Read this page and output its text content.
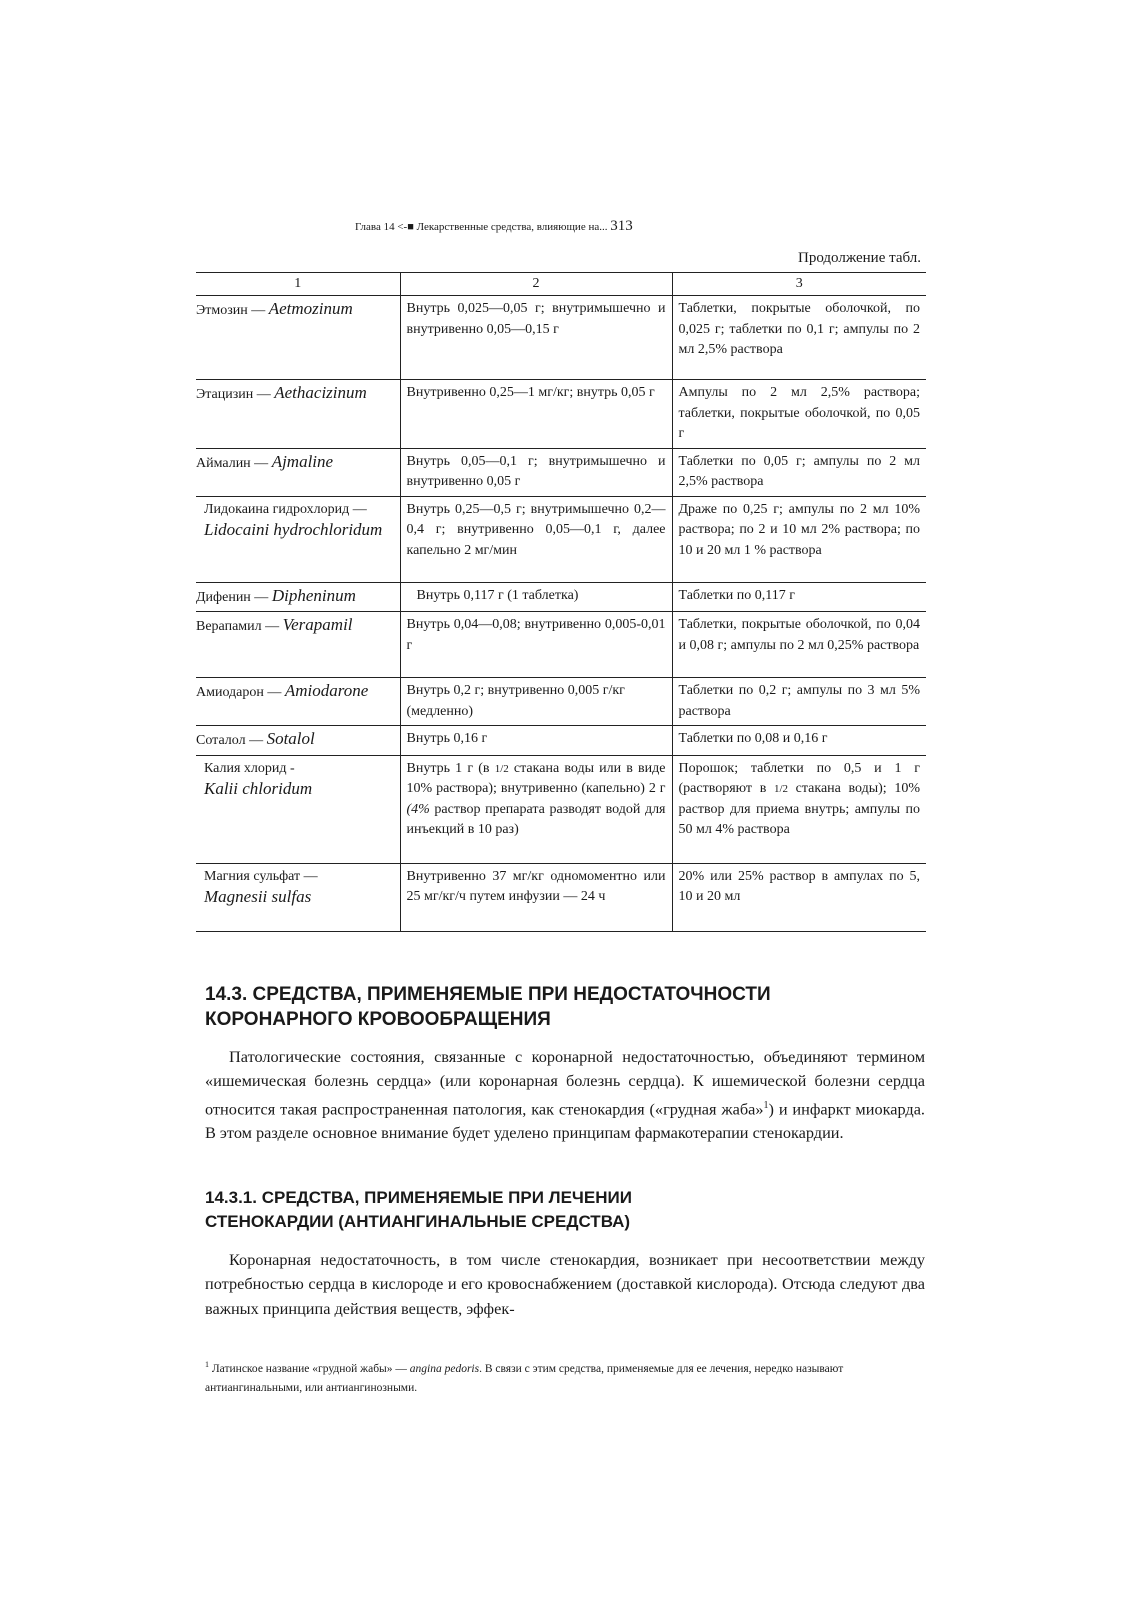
Глава 14 <-■ Лекарственные средства, влияющие на... 313
Продолжение табл.
1	2	3
Этмозин — Aetmozinum	Внутрь 0,025—0,05 г; внутримышечно и внутривенно 0,05—0,15 г	Таблетки, покрытые оболочкой, по 0,025 г; таблетки по 0,1 г; ампулы по 2 мл 2,5% раствора
Этацизин — Aethacizinum	Внутривенно 0,25—1 мг/кг; внутрь 0,05 г	Ампулы по 2 мл 2,5% раствора; таблетки, покрытые оболочкой, по 0,05 г
Аймалин — Ajmaline	Внутрь 0,05—0,1 г; внутримышечно и внутривенно 0,05 г	Таблетки по 0,05 г; ампулы по 2 мл 2,5% раствора
Лидокаина гидрохлорид —
Lidocaini hydrochloridum	Внутрь 0,25—0,5 г; внутримышечно 0,2—0,4 г; внутривенно 0,05—0,1 г, далее капельно 2 мг/мин	Драже по 0,25 г; ампулы по 2 мл 10% раствора; по 2 и 10 мл 2% раствора; по 10 и 20 мл 1 % раствора
Дифенин — Dipheninum	Внутрь 0,117 г (1 таблетка)	Таблетки по 0,117 г
Верапамил — Verapamil	Внутрь 0,04—0,08; внутривенно 0,005-0,01 г	Таблетки, покрытые оболочкой, по 0,04 и 0,08 г; ампулы по 2 мл 0,25% раствора
Амиодарон — Amiodarone	Внутрь 0,2 г; внутривенно 0,005 г/кг (медленно)	Таблетки по 0,2 г; ампулы по 3 мл 5% раствора
Соталол — Sotalol	Внутрь 0,16 г	Таблетки по 0,08 и 0,16 г
Калия хлорид -
Kalii chloridum	Внутрь 1 г (в 1/2 стакана воды или в виде 10% раствора); внутривенно (капельно) 2 г (4% раствор препарата разводят водой для инъекций в 10 раз)	Порошок; таблетки по 0,5 и 1 г (растворяют в 1/2 стакана воды); 10% раствор для приема внутрь; ампулы по 50 мл 4% раствора
Магния сульфат —
Magnesii sulfas	Внутривенно 37 мг/кг одномоментно или 25 мг/кг/ч путем инфузии — 24 ч	20% или 25% раствор в ампулах по 5, 10 и 20 мл
14.3. СРЕДСТВА, ПРИМЕНЯЕМЫЕ ПРИ НЕДОСТАТОЧНОСТИ
КОРОНАРНОГО КРОВООБРАЩЕНИЯ

Патологические состояния, связанные с коронарной недостаточностью, объединяют термином «ишемическая болезнь сердца» (или коронарная болезнь сердца). К ишемической болезни сердца относится такая распространенная патология, как стенокардия («грудная жаба»$^1$) и инфаркт миокарда. В этом разделе основное внимание будет уделено принципам фармакотерапии стенокардии.

14.3.1. СРЕДСТВА, ПРИМЕНЯЕМЫЕ ПРИ ЛЕЧЕНИИ
СТЕНОКАРДИИ (АНТИАНГИНАЛЬНЫЕ СРЕДСТВА)

Коронарная недостаточность, в том числе стенокардия, возникает при несоответствии между потребностью сердца в кислороде и его кровоснабжением (доставкой кислорода). Отсюда следуют два важных принципа действия веществ, эффек-

$^1$ Латинское название «грудной жабы» — angina pedoris. В связи с этим средства, применяемые для ее лечения, нередко называют антиангинальными, или антиангинозными.
